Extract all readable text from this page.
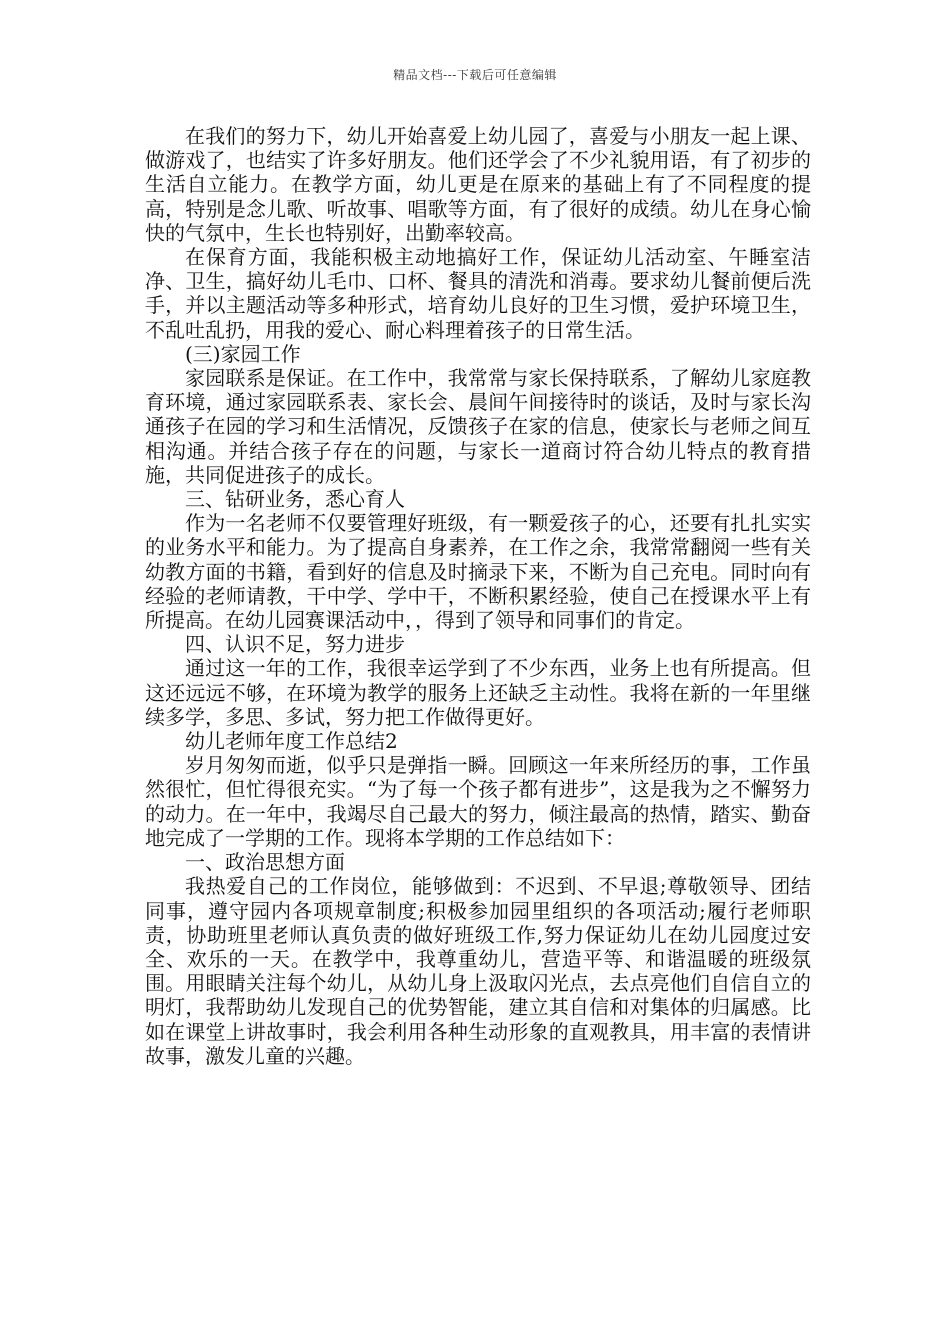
精品文档---下载后可任意编辑

在我们的努力下，幼儿开始喜爱上幼儿园了，喜爱与小朋友一起上课、做游戏了，也结实了许多好朋友。他们还学会了不少礼貌用语，有了初步的生活自立能力。在教学方面，幼儿更是在原来的基础上有了不同程度的提高，特别是念儿歌、听故事、唱歌等方面，有了很好的成绩。幼儿在身心愉快的气氛中，生长也特别好，出勤率较高。

在保育方面，我能积极主动地搞好工作，保证幼儿活动室、午睡室洁净、卫生，搞好幼儿毛巾、口杯、餐具的清洗和消毒。要求幼儿餐前便后洗手，并以主题活动等多种形式，培育幼儿良好的卫生习惯，爱护环境卫生，不乱吐乱扔，用我的爱心、耐心料理着孩子的日常生活。

(三)家园工作

家园联系是保证。在工作中，我常常与家长保持联系，了解幼儿家庭教育环境，通过家园联系表、家长会、晨间午间接待时的谈话，及时与家长沟通孩子在园的学习和生活情况，反馈孩子在家的信息，使家长与老师之间互相沟通。并结合孩子存在的问题，与家长一道商讨符合幼儿特点的教育措施，共同促进孩子的成长。

三、钻研业务，悉心育人

作为一名老师不仅要管理好班级，有一颗爱孩子的心，还要有扎扎实实的业务水平和能力。为了提高自身素养，在工作之余，我常常翻阅一些有关幼教方面的书籍，看到好的信息及时摘录下来，不断为自己充电。同时向有经验的老师请教，干中学、学中干，不断积累经验，使自己在授课水平上有所提高。在幼儿园赛课活动中，，得到了领导和同事们的肯定。

四、认识不足，努力进步

通过这一年的工作，我很幸运学到了不少东西，业务上也有所提高。但这还远远不够，在环境为教学的服务上还缺乏主动性。我将在新的一年里继续多学，多思、多试，努力把工作做得更好。

幼儿老师年度工作总结2

岁月匆匆而逝，似乎只是弹指一瞬。回顾这一年来所经历的事，工作虽然很忙，但忙得很充实。“为了每一个孩子都有进步”，这是我为之不懈努力的动力。在一年中，我竭尽自己最大的努力，倾注最高的热情，踏实、勤奋地完成了一学期的工作。现将本学期的工作总结如下：

一、政治思想方面

我热爱自己的工作岗位，能够做到：不迟到、不早退;尊敬领导、团结同事，遵守园内各项规章制度;积极参加园里组织的各项活动;履行老师职责，协助班里老师认真负责的做好班级工作,努力保证幼儿在幼儿园度过安全、欢乐的一天。在教学中，我尊重幼儿，营造平等、和谐温暖的班级氛围。用眼睛关注每个幼儿，从幼儿身上汲取闪光点，去点亮他们自信自立的明灯，我帮助幼儿发现自己的优势智能，建立其自信和对集体的归属感。比如在课堂上讲故事时，我会利用各种生动形象的直观教具，用丰富的表情讲故事，激发儿童的兴趣。
